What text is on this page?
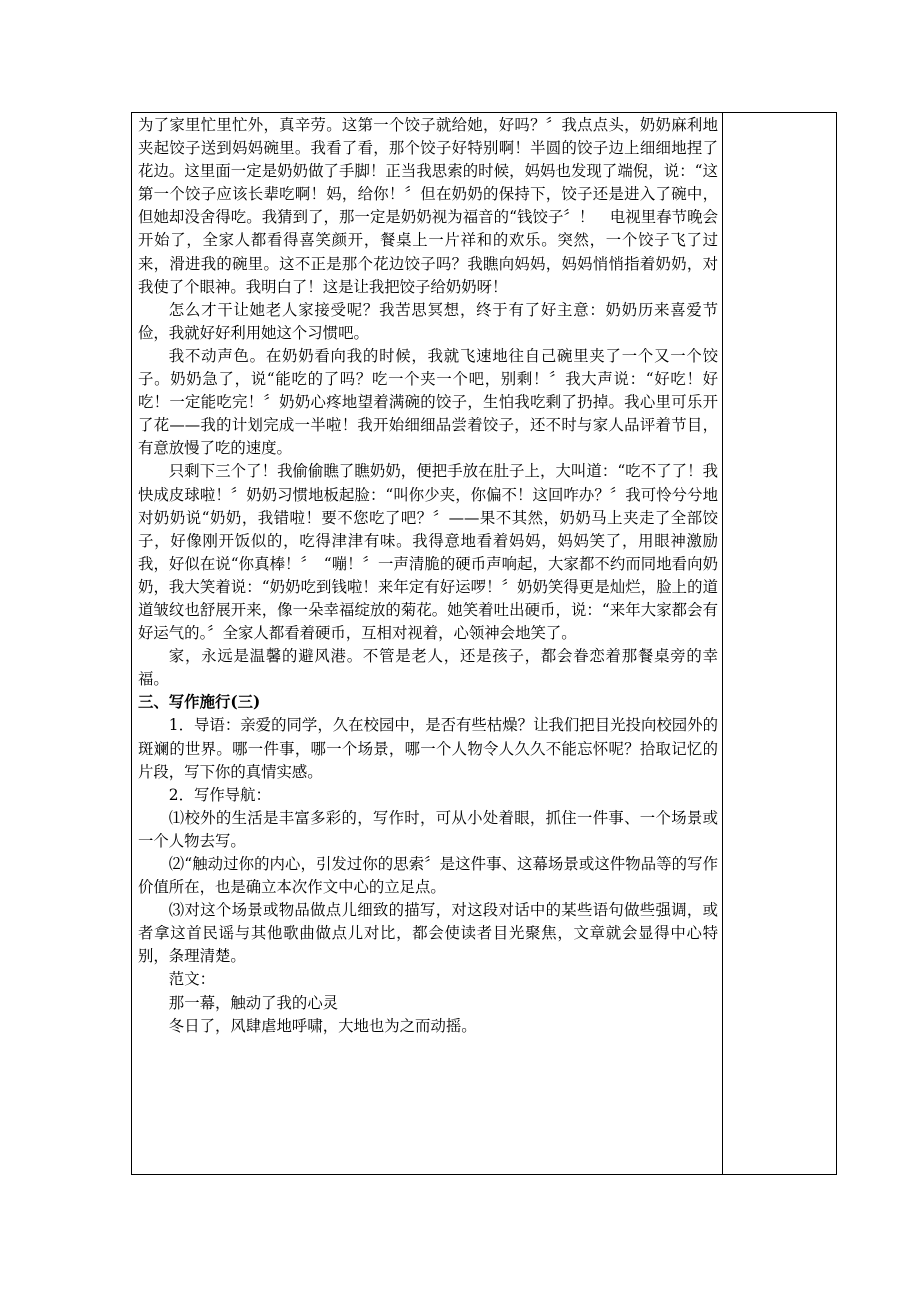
为了家里忙里忙外，真辛劳。这第一个饺子就给她，好吗？〞我点点头，奶奶麻利地夹起饺子送到妈妈碗里。我看了看，那个饺子好特别啊！半圆的饺子边上细细地捏了花边。这里面一定是奶奶做了手脚！正当我思索的时候，妈妈也发现了端倪，说：“这第一个饺子应该长辈吃啊！妈，给你！〞但在奶奶的保持下，饺子还是进入了碗中，但她却没舍得吃。我猜到了，那一定是奶奶视为福音的“钱饺子〞！　电视里春节晚会开始了，全家人都看得喜笑颜开，餐桌上一片祥和的欢乐。突然，一个饺子飞了过来，滑进我的碗里。这不正是那个花边饺子吗？我瞧向妈妈，妈妈悄悄指着奶奶，对我使了个眼神。我明白了！这是让我把饺子给奶奶呀！

怎么才干让她老人家接受呢？我苦思冥想，终于有了好主意：奶奶历来喜爱节俭，我就好好利用她这个习惯吧。

我不动声色。在奶奶看向我的时候，我就飞速地往自己碗里夹了一个又一个饺子。奶奶急了，说“能吃的了吗？吃一个夹一个吧，别剩！〞我大声说：“好吃！好吃！一定能吃完！〞奶奶心疼地望着满碗的饺子，生怕我吃剩了扔掉。我心里可乐开了花——我的计划完成一半啦！我开始细细品尝着饺子，还不时与家人品评着节目，有意放慢了吃的速度。

只剩下三个了！我偷偷瞧了瞧奶奶，便把手放在肚子上，大叫道：“吃不了了！我快成皮球啦！〞奶奶习惯地板起脸：“叫你少夹，你偏不！这回咋办？〞我可怜兮兮地对奶奶说“奶奶，我错啦！要不您吃了吧？〞——果不其然，奶奶马上夹走了全部饺子，好像刚开饭似的，吃得津津有味。我得意地看着妈妈，妈妈笑了，用眼神激励我，好似在说“你真棒！〞　“嘣！〞一声清脆的硬币声响起，大家都不约而同地看向奶奶，我大笑着说：“奶奶吃到钱啦！来年定有好运啰！〞奶奶笑得更是灿烂，脸上的道道皱纹也舒展开来，像一朵幸福绽放的菊花。她笑着吐出硬币，说：“来年大家都会有好运气的。〞全家人都看着硬币，互相对视着，心领神会地笑了。

家，永远是温馨的避风港。不管是老人，还是孩子，都会眷恋着那餐桌旁的幸福。

三、写作施行(三)

1．导语：亲爱的同学，久在校园中，是否有些枯燥？让我们把目光投向校园外的斑斓的世界。哪一件事，哪一个场景，哪一个人物令人久久不能忘怀呢？拾取记忆的片段，写下你的真情实感。

2．写作导航：

⑴校外的生活是丰富多彩的，写作时，可从小处着眼，抓住一件事、一个场景或一个人物去写。

⑵“触动过你的内心，引发过你的思索〞是这件事、这幕场景或这件物品等的写作价值所在，也是确立本次作文中心的立足点。

⑶对这个场景或物品做点儿细致的描写，对这段对话中的某些语句做些强调，或者拿这首民谣与其他歌曲做点儿对比，都会使读者目光聚焦，文章就会显得中心特别，条理清楚。

范文：

那一幕，触动了我的心灵

冬日了，风肆虐地呼啸，大地也为之而动摇。
